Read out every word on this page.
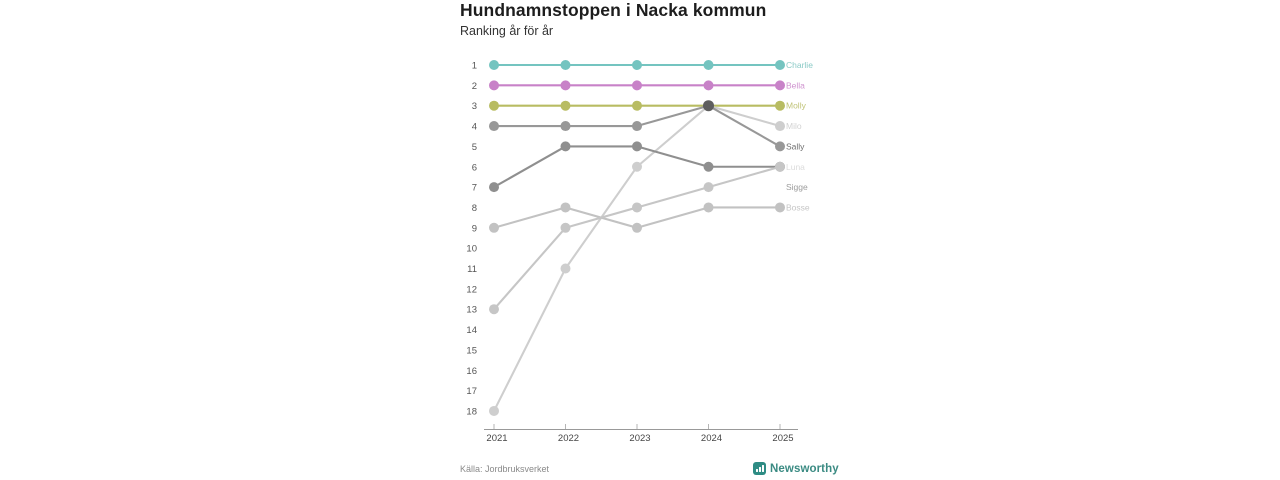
Hundnamnstoppen i Nacka kommun
Ranking år för år
1
2
3
4
5
6
7
8
9
10
11
12
13
14
15
16
17
18
2021	2022	2023	2024	2025
Charlie
Bella
Molly
Milo
Bosse
Sigge
Sally
Luna
Källa: Jordbruksverket	Newsworthy
